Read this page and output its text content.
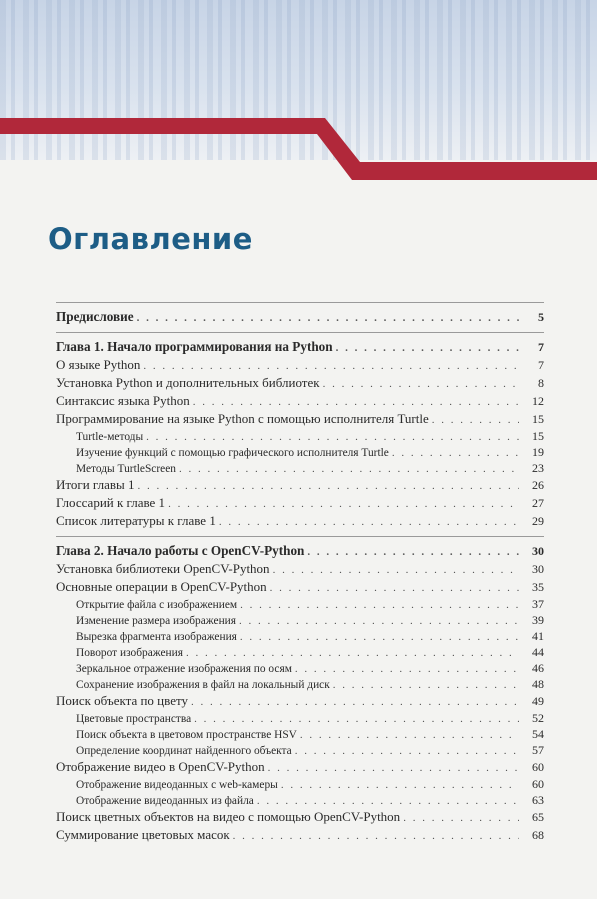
Оглавление
Предисловие . . .	5
Глава 1. Начало программирования на Python . . .	7
О языке Python . . .	7
Установка Python и дополнительных библиотек . . .	8
Синтаксис языка Python . . .	12
Программирование на языке Python с помощью исполнителя Turtle . . .	15
Turtle-методы . . .	15
Изучение функций с помощью графического исполнителя Turtle . . .	19
Методы TurtleScreen . . .	23
Итоги главы 1 . . .	26
Глоссарий к главе 1 . . .	27
Список литературы к главе 1 . . .	29
Глава 2. Начало работы с OpenCV-Python . . .	30
Установка библиотеки OpenCV-Python . . .	30
Основные операции в OpenCV-Python . . .	35
Открытие файла с изображением . . .	37
Изменение размера изображения . . .	39
Вырезка фрагмента изображения . . .	41
Поворот изображения . . .	44
Зеркальное отражение изображения по осям . . .	46
Сохранение изображения в файл на локальный диск . . .	48
Поиск объекта по цвету . . .	49
Цветовые пространства . . .	52
Поиск объекта в цветовом пространстве HSV . . .	54
Определение координат найденного объекта . . .	57
Отображение видео в OpenCV-Python . . .	60
Отображение видеоданных с web-камеры . . .	60
Отображение видеоданных из файла . . .	63
Поиск цветных объектов на видео с помощью OpenCV-Python . . .	65
Суммирование цветовых масок . . .	68
